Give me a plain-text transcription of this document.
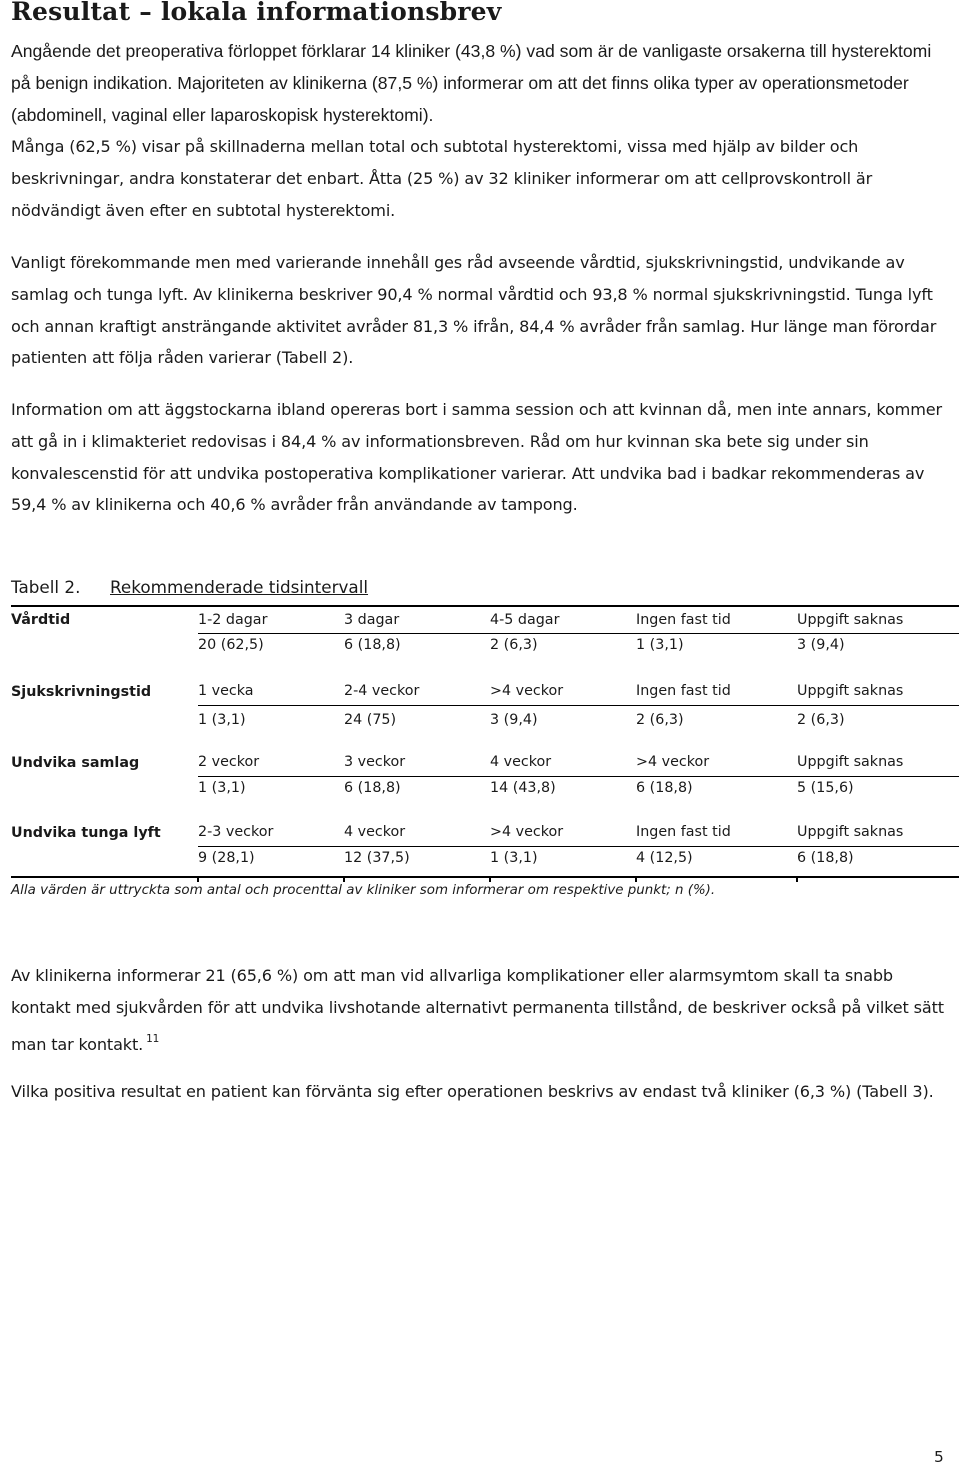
Resultat – lokala informationsbrev

Angående det preoperativa förloppet förklarar 14 kliniker (43,8 %) vad som är de vanligaste orsakerna till hysterektomi på benign indikation. Majoriteten av klinikerna (87,5 %) informerar om att det finns olika typer av operationsmetoder (abdominell, vaginal eller laparoskopisk hysterektomi).

Många (62,5 %) visar på skillnaderna mellan total och subtotal hysterektomi, vissa med hjälp av bilder och beskrivningar, andra konstaterar det enbart. Åtta (25 %) av 32 kliniker informerar om att cellprovskontroll är nödvändigt även efter en subtotal hysterektomi.

Vanligt förekommande men med varierande innehåll ges råd avseende vårdtid, sjukskrivningstid, undvikande av samlag och tunga lyft. Av klinikerna beskriver 90,4 % normal vårdtid och 93,8 % normal sjukskrivningstid. Tunga lyft och annan kraftigt ansträngande aktivitet avråder 81,3 % ifrån, 84,4 % avråder från samlag. Hur länge man förordar patienten att följa råden varierar (Tabell 2).

Information om att äggstockarna ibland opereras bort i samma session och att kvinnan då, men inte annars, kommer att gå in i klimakteriet redovisas i 84,4 % av informationsbreven. Råd om hur kvinnan ska bete sig under sin konvalescenstid för att undvika postoperativa komplikationer varierar. Att undvika bad i badkar rekommenderas av 59,4 % av klinikerna och 40,6 % avråder från användande av tampong.

Tabell 2. Rekommenderade tidsintervall

Vårdtid	1-2 dagar	3 dagar	4-5 dagar	Ingen fast tid	Uppgift saknas
	20 (62,5)	6 (18,8)	2 (6,3)	1 (3,1)	3 (9,4)

Sjukskrivningstid	1 vecka	2-4 veckor	>4 veckor	Ingen fast tid	Uppgift saknas
	1 (3,1)	24 (75)	3 (9,4)	2 (6,3)	2 (6,3)

Undvika samlag	2 veckor	3 veckor	4 veckor	>4 veckor	Uppgift saknas
	1 (3,1)	6 (18,8)	14 (43,8)	6 (18,8)	5 (15,6)

Undvika tunga lyft	2-3 veckor	4 veckor	>4 veckor	Ingen fast tid	Uppgift saknas
	9 (28,1)	12 (37,5)	1 (3,1)	4 (12,5)	6 (18,8)

Alla värden är uttryckta som antal och procenttal av kliniker som informerar om respektive punkt; n (%).

Av klinikerna informerar 21 (65,6 %) om att man vid allvarliga komplikationer eller alarmsymtom skall ta snabb kontakt med sjukvården för att undvika livshotande alternativt permanenta tillstånd, de beskriver också på vilket sätt man tar kontakt. $^{11}$

Vilka positiva resultat en patient kan förvänta sig efter operationen beskrivs av endast två kliniker (6,3 %) (Tabell 3).

5
